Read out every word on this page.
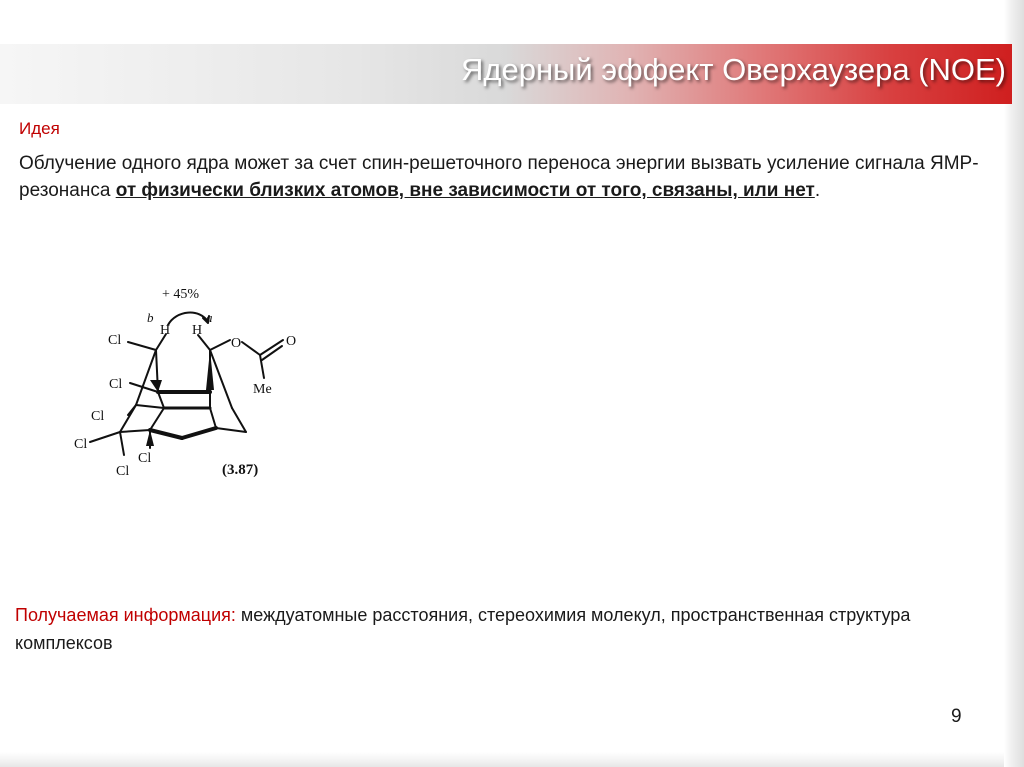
Ядерный эффект Оверхаузера (NOE)
Идея
Облучение одного ядра может за счет спин-решеточного переноса энергии вызвать усиление сигнала ЯМР-резонанса от физически близких атомов, вне зависимости от того, связаны, или нет.
+ 45%
b
H H
a
Cl
Cl
Cl
Cl
Cl
Cl
O	O
Me
(3.87)
Получаемая информация: междуатомные расстояния, стереохимия молекул, пространственная структура комплексов
9
